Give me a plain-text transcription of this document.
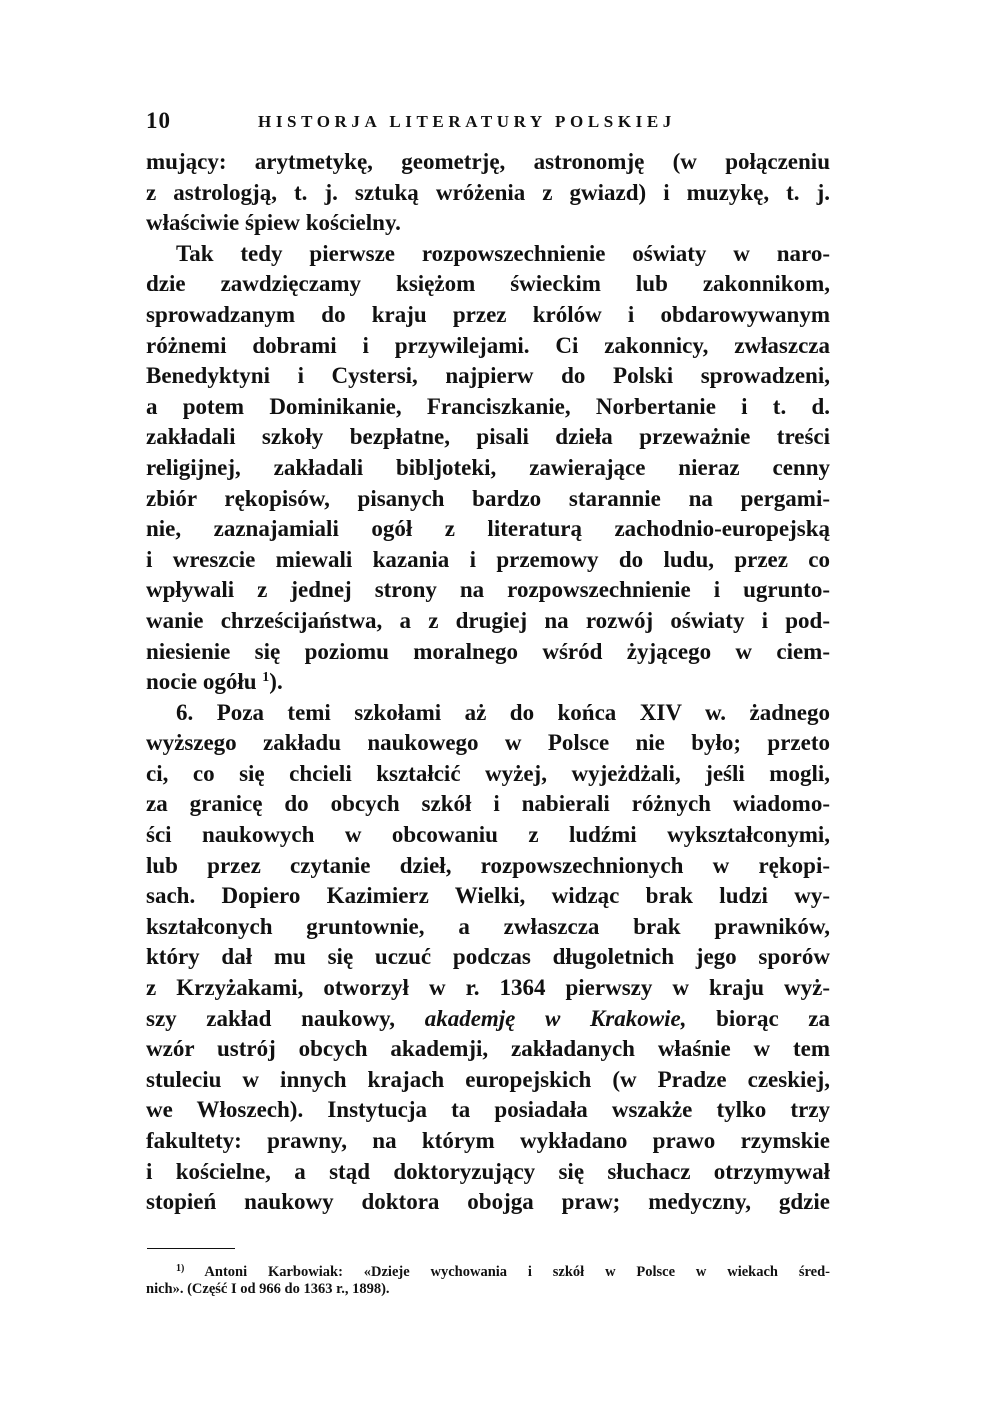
10	HISTORJA LITERATURY POLSKIEJ
mujący: arytmetykę, geometrję, astronomję (w połączeniu
z astrologją, t. j. sztuką wróżenia z gwiazd) i muzykę, t. j.
właściwie śpiew kościelny.
Tak tedy pierwsze rozpowszechnienie oświaty w naro-
dzie zawdzięczamy księżom świeckim lub zakonnikom,
sprowadzanym do kraju przez królów i obdarowywanym
różnemi dobrami i przywilejami. Ci zakonnicy, zwłaszcza
Benedyktyni i Cystersi, najpierw do Polski sprowadzeni,
a potem Dominikanie, Franciszkanie, Norbertanie i t. d.
zakładali szkoły bezpłatne, pisali dzieła przeważnie treści
religijnej, zakładali bibljoteki, zawierające nieraz cenny
zbiór rękopisów, pisanych bardzo starannie na pergami-
nie, zaznajamiali ogół z literaturą zachodnio-europejską
i wreszcie miewali kazania i przemowy do ludu, przez co
wpływali z jednej strony na rozpowszechnienie i ugrunto-
wanie chrześcijaństwa, a z drugiej na rozwój oświaty i pod-
niesienie się poziomu moralnego wśród żyjącego w ciem-
nocie ogółu $^1$).
6. Poza temi szkołami aż do końca XIV w. żadnego
wyższego zakładu naukowego w Polsce nie było; przeto
ci, co się chcieli kształcić wyżej, wyjeżdżali, jeśli mogli,
za granicę do obcych szkół i nabierali różnych wiadomo-
ści naukowych w obcowaniu z ludźmi wykształconymi,
lub przez czytanie dzieł, rozpowszechnionych w rękopi-
sach. Dopiero Kazimierz Wielki, widząc brak ludzi wy-
kształconych gruntownie, a zwłaszcza brak prawników,
który dał mu się uczuć podczas długoletnich jego sporów
z Krzyżakami, otworzył w r. 1364 pierwszy w kraju wyż-
szy zakład naukowy, akademję w Krakowie, biorąc za
wzór ustrój obcych akademji, zakładanych właśnie w tem
stuleciu w innych krajach europejskich (w Pradze czeskiej,
we Włoszech). Instytucja ta posiadała wszakże tylko trzy
fakultety: prawny, na którym wykładano prawo rzymskie
i kościelne, a stąd doktoryzujący się słuchacz otrzymywał
stopień naukowy doktora obojga praw; medyczny, gdzie
$^{1)}$ Antoni Karbowiak: «Dzieje wychowania i szkół w Polsce w wiekach śred-
nich». (Część I od 966 do 1363 r., 1898).
